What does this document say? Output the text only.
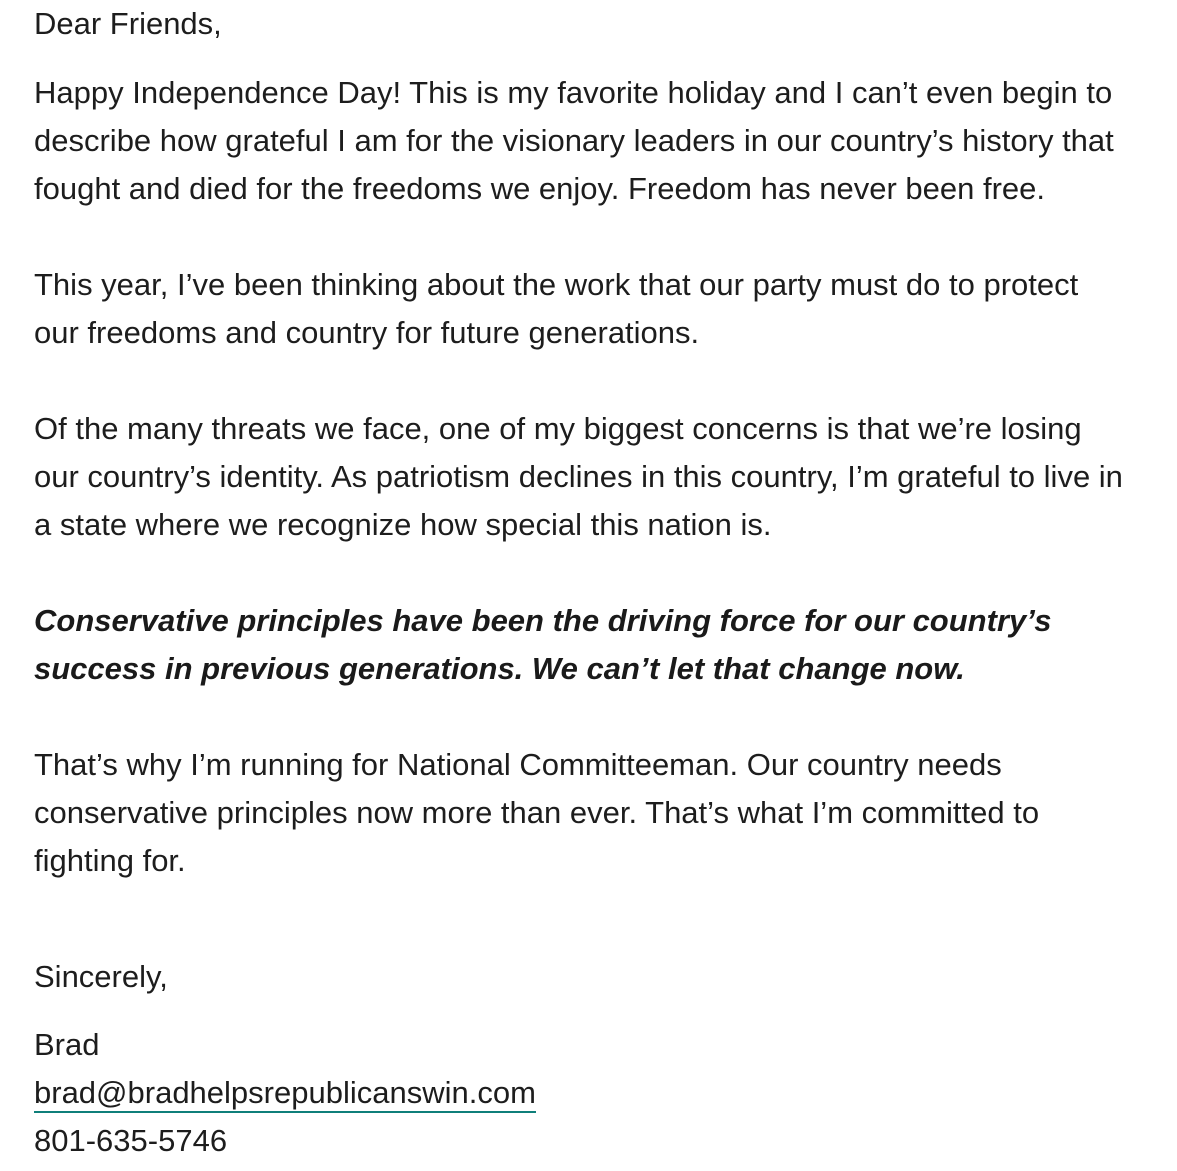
Dear Friends,

Happy Independence Day! This is my favorite holiday and I can’t even begin to
describe how grateful I am for the visionary leaders in our country’s history that
fought and died for the freedoms we enjoy. Freedom has never been free.

This year, I’ve been thinking about the work that our party must do to protect
our freedoms and country for future generations.

Of the many threats we face, one of my biggest concerns is that we’re losing
our country’s identity. As patriotism declines in this country, I’m grateful to live in
a state where we recognize how special this nation is.

Conservative principles have been the driving force for our country’s
success in previous generations. We can’t let that change now.

That’s why I’m running for National Committeeman. Our country needs
conservative principles now more than ever. That’s what I’m committed to
fighting for.

Sincerely,

Brad

brad@bradhelpsrepublicanswin.com

801-635-5746
